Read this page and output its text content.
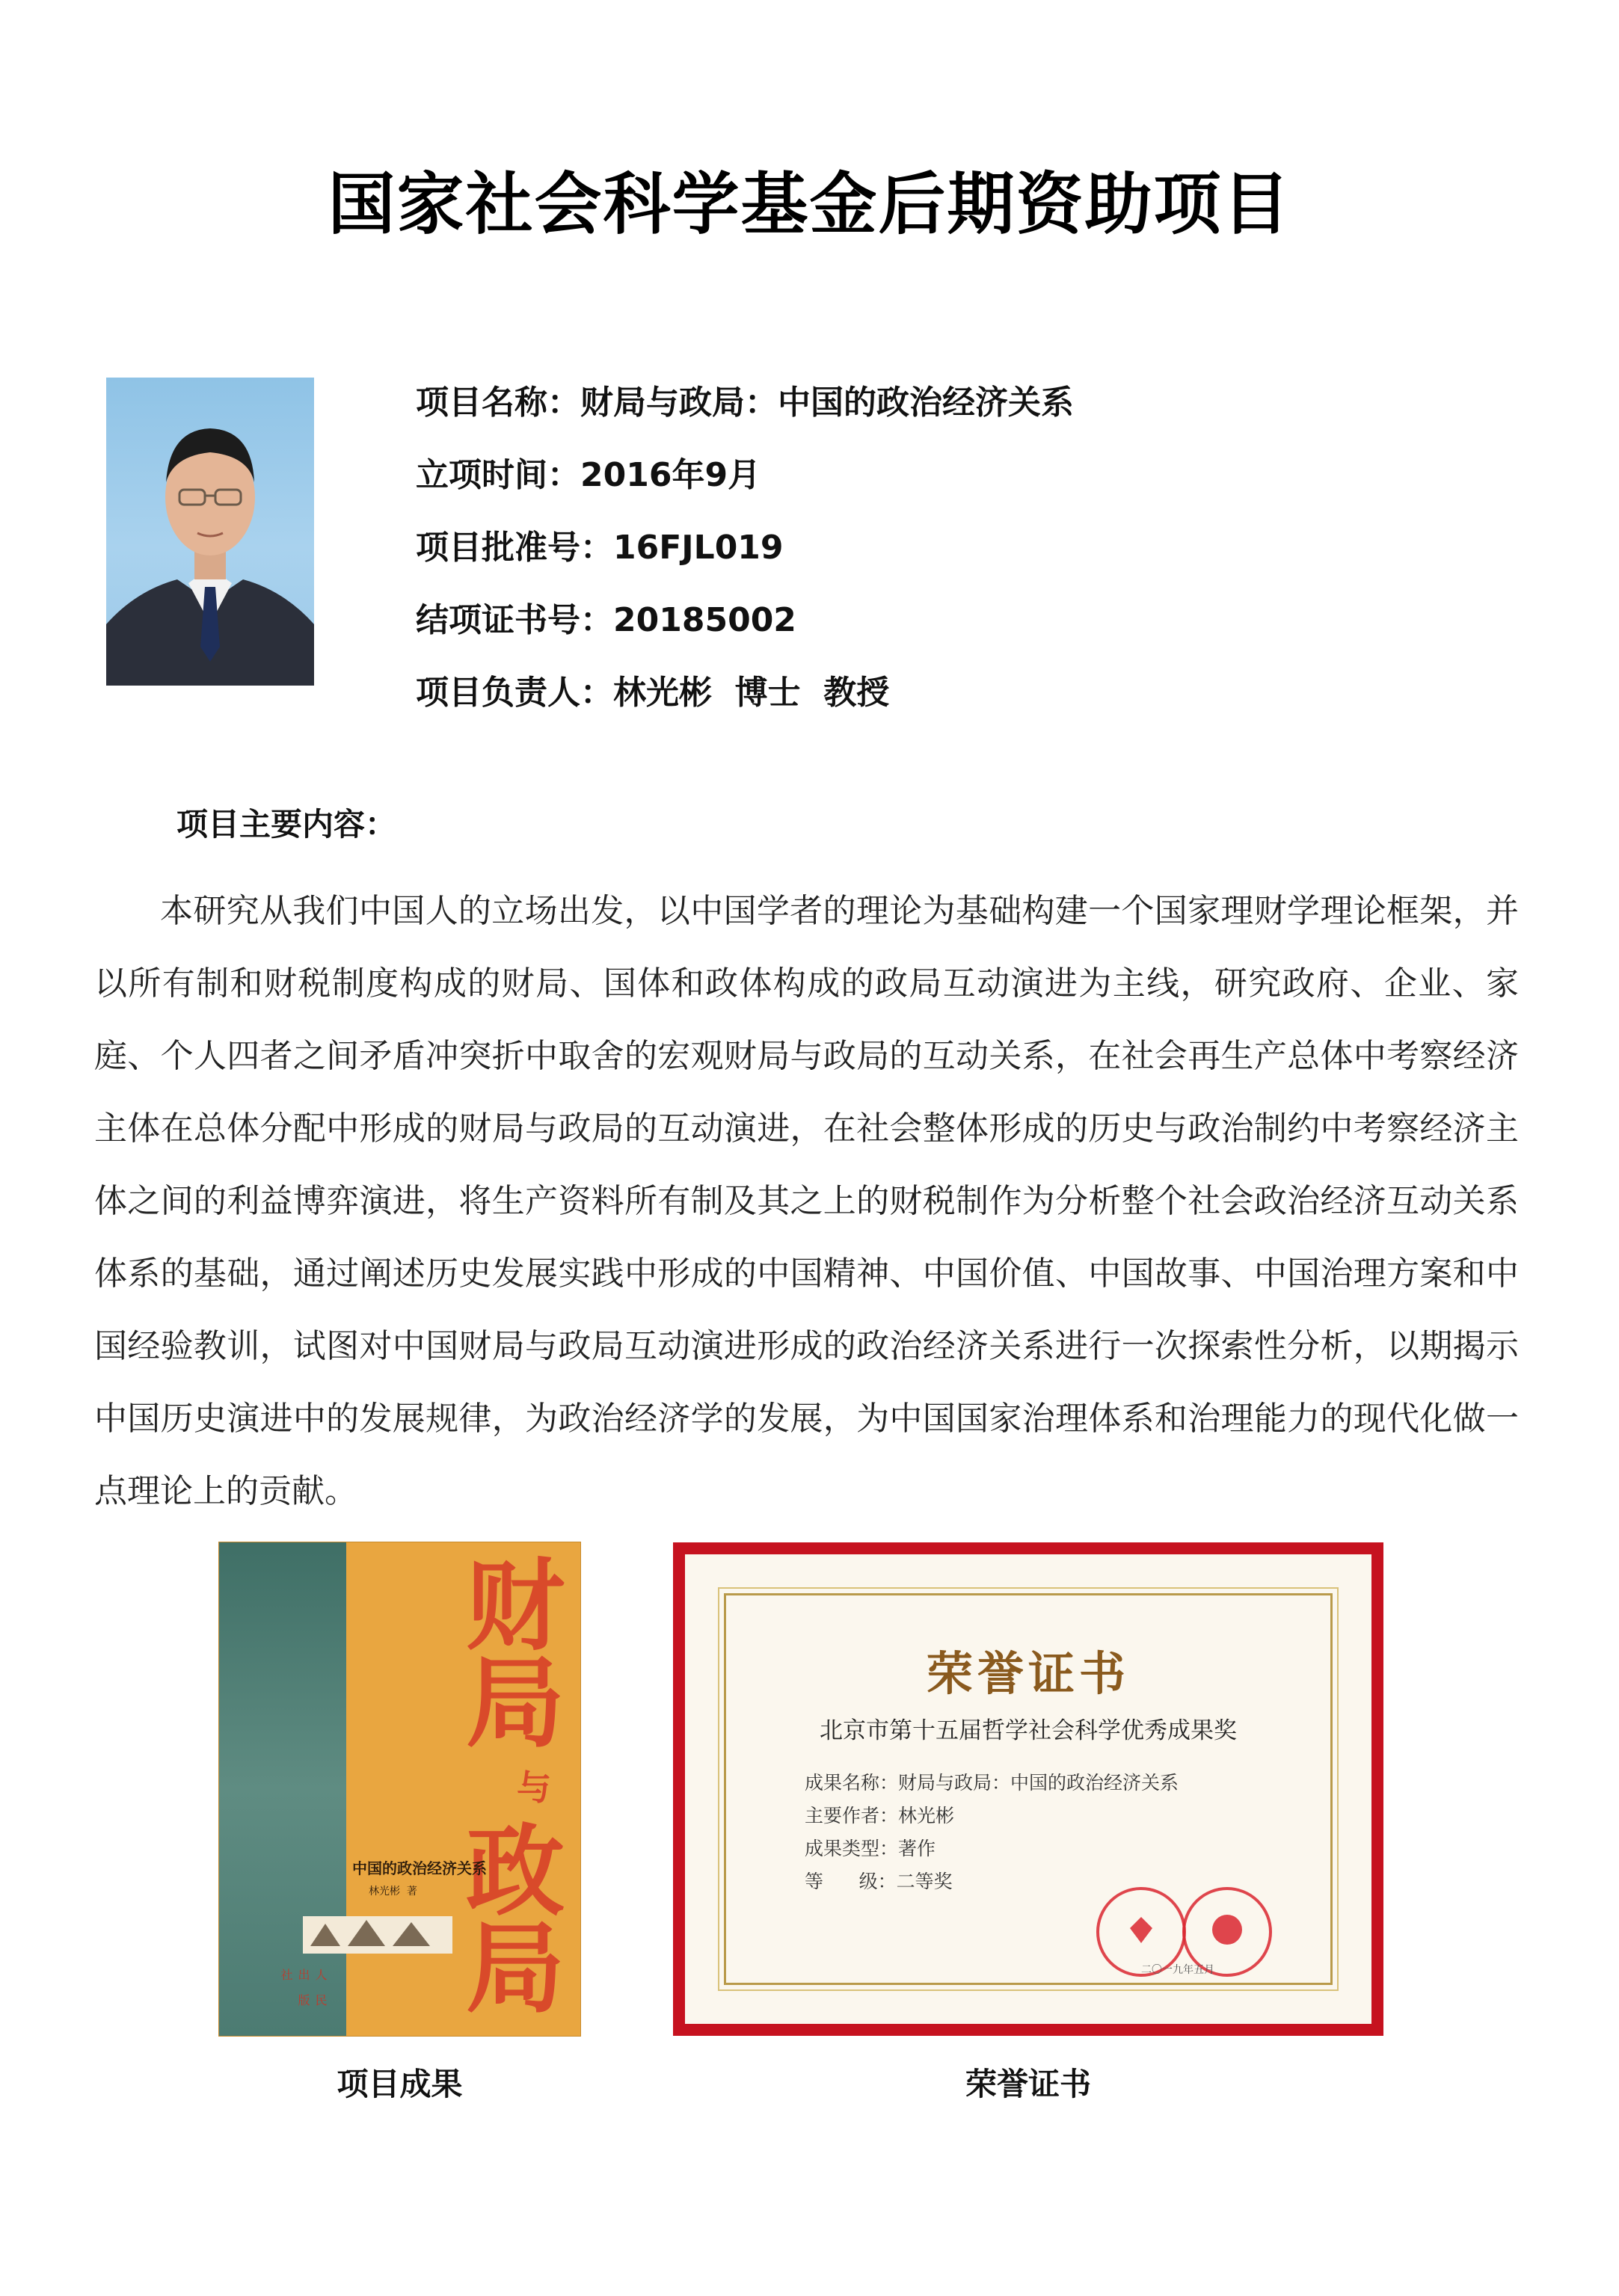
国家社会科学基金后期资助项目
项目名称：财局与政局：中国的政治经济关系
立项时间：2016年9月
项目批准号：16FJL019
结项证书号：20185002
项目负责人：林光彬  博士  教授
项目主要内容：
本研究从我们中国人的立场出发，以中国学者的理论为基础构建一个国家理财学理论框架，并以所有制和财税制度构成的财局、国体和政体构成的政局互动演进为主线，研究政府、企业、家庭、个人四者之间矛盾冲突折中取舍的宏观财局与政局的互动关系，在社会再生产总体中考察经济主体在总体分配中形成的财局与政局的互动演进，在社会整体形成的历史与政治制约中考察经济主体之间的利益博弈演进，将生产资料所有制及其之上的财税制作为分析整个社会政治经济互动关系体系的基础，通过阐述历史发展实践中形成的中国精神、中国价值、中国故事、中国治理方案和中国经验教训，试图对中国财局与政局互动演进形成的政治经济关系进行一次探索性分析，以期揭示中国历史演进中的发展规律，为政治经济学的发展，为中国国家治理体系和治理能力的现代化做一点理论上的贡献。
财
局
与
政
局
中国的政治经济关系
林光彬  著
人民出版社
荣誉证书
北京市第十五届哲学社会科学优秀成果奖
成果名称：财局与政局：中国的政治经济关系
主要作者：林光彬
成果类型：著作
等      级：二等奖
二〇一九年五月
项目成果	荣誉证书
